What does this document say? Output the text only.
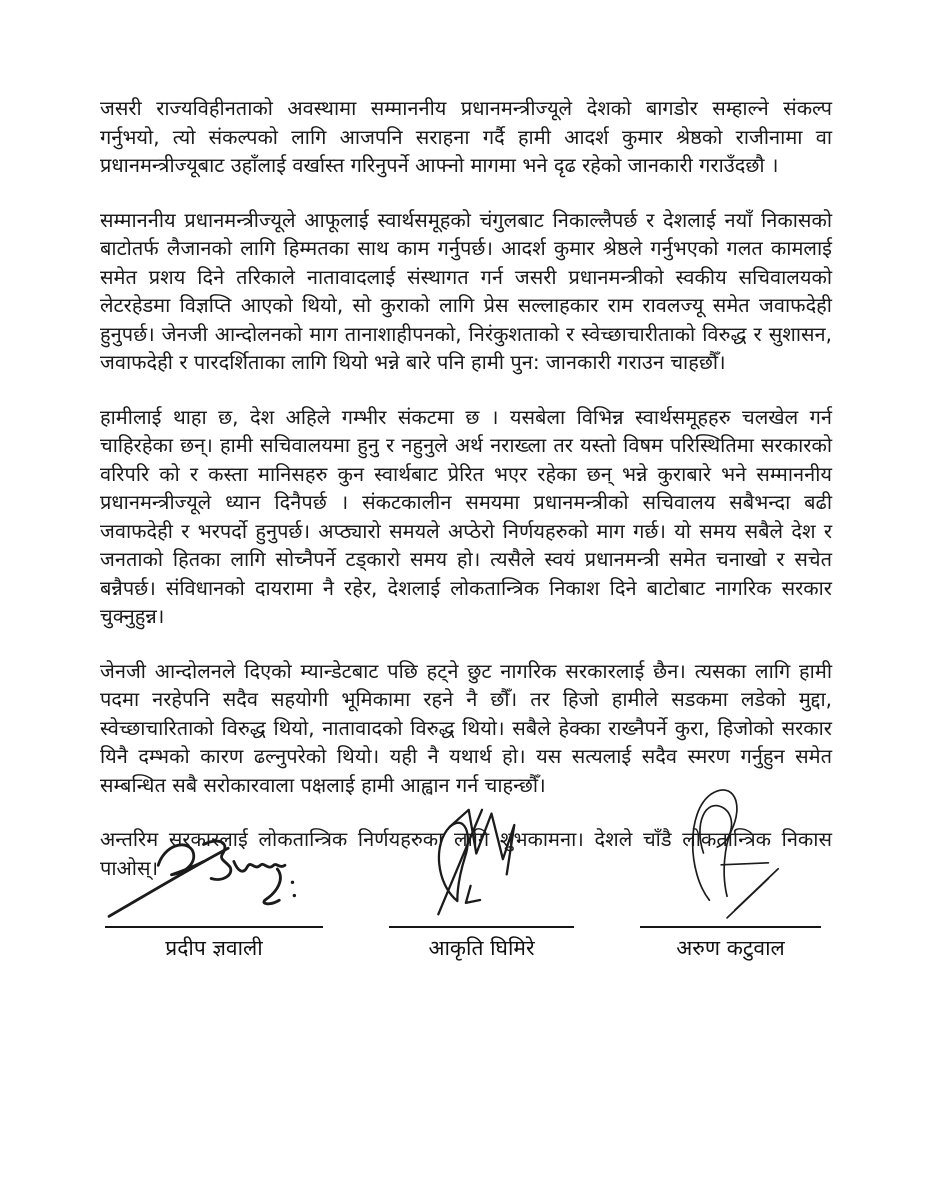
जसरी राज्यविहीनताको अवस्थामा सम्माननीय प्रधानमन्त्रीज्यूले देशको बागडोर सम्हाल्ने संकल्प गर्नुभयो, त्यो संकल्पको लागि आजपनि सराहना गर्दै हामी आदर्श कुमार श्रेष्ठको राजीनामा वा प्रधानमन्त्रीज्यूबाट उहाँलाई वर्खास्त गरिनुपर्ने आफ्नो मागमा भने दृढ रहेको जानकारी गराउँदछौ ।

सम्माननीय प्रधानमन्त्रीज्यूले आफूलाई स्वार्थसमूहको चंगुलबाट निकाल्लैपर्छ र देशलाई नयाँ निकासको बाटोतर्फ लैजानको लागि हिम्मतका साथ काम गर्नुपर्छ। आदर्श कुमार श्रेष्ठले गर्नुभएको गलत कामलाई समेत प्रशय दिने तरिकाले नातावादलाई संस्थागत गर्न जसरी प्रधानमन्त्रीको स्वकीय सचिवालयको लेटरहेडमा विज्ञप्ति आएको थियो, सो कुराको लागि प्रेस सल्लाहकार राम रावलज्यू समेत जवाफदेही हुनुपर्छ। जेनजी आन्दोलनको माग तानाशाहीपनको, निरंकुशताको र स्वेच्छाचारीताको विरुद्ध र सुशासन, जवाफदेही र पारदर्शिताका लागि थियो भन्ने बारे पनि हामी पुन: जानकारी गराउन चाहछौँ।

हामीलाई थाहा छ, देश अहिले गम्भीर संकटमा छ । यसबेला विभिन्न स्वार्थसमूहहरु चलखेल गर्न चाहिरहेका छन्। हामी सचिवालयमा हुनु र नहुनुले अर्थ नराख्ला तर यस्तो विषम परिस्थितिमा सरकारको वरिपरि को र कस्ता मानिसहरु कुन स्वार्थबाट प्रेरित भएर रहेका छन् भन्ने कुराबारे भने सम्माननीय प्रधानमन्त्रीज्यूले ध्यान दिनैपर्छ । संकटकालीन समयमा प्रधानमन्त्रीको सचिवालय सबैभन्दा बढी जवाफदेही र भरपर्दो हुनुपर्छ। अप्ठ्यारो समयले अप्ठेरो निर्णयहरुको माग गर्छ। यो समय सबैले देश र जनताको हितका लागि सोच्नैपर्ने टड्कारो समय हो। त्यसैले स्वयं प्रधानमन्त्री समेत चनाखो र सचेत बन्नैपर्छ। संविधानको दायरामा नै रहेर, देशलाई लोकतान्त्रिक निकाश दिने बाटोबाट नागरिक सरकार चुक्नुहुन्न।

जेनजी आन्दोलनले दिएको म्यान्डेटबाट पछि हट्ने छुट नागरिक सरकारलाई छैन। त्यसका लागि हामी पदमा नरहेपनि सदैव सहयोगी भूमिकामा रहने नै छौँ। तर हिजो हामीले सडकमा लडेको मुद्दा, स्वेच्छाचारिताको विरुद्ध थियो, नातावादको विरुद्ध थियो। सबैले हेक्का राख्नैपर्ने कुरा, हिजोको सरकार यिनै दम्भको कारण ढल्नुपरेको थियो। यही नै यथार्थ हो। यस सत्यलाई सदैव स्मरण गर्नुहुन समेत सम्बन्धित सबै सरोकारवाला पक्षलाई हामी आह्वान गर्न चाहन्छौँ।

अन्तरिम सरकारलाई लोकतान्त्रिक निर्णयहरुका लागि शुभकामना। देशले चाँडै लोकतान्त्रिक निकास पाओस्।

प्रदीप ज्ञवाली	आकृति घिमिरे	अरुण कटुवाल
